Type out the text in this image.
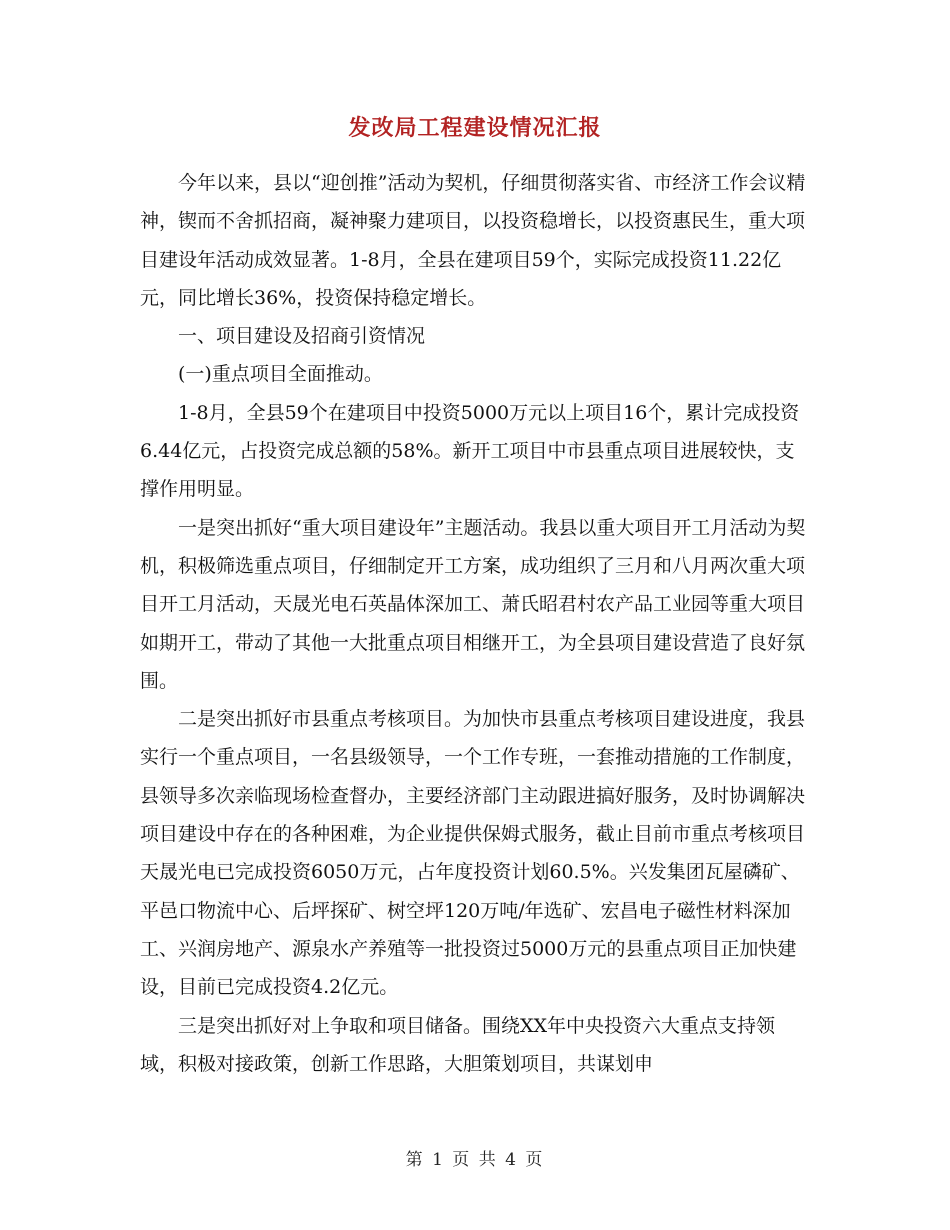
发改局工程建设情况汇报

今年以来，县以“迎创推”活动为契机，仔细贯彻落实省、市经济工作会议精神，锲而不舍抓招商，凝神聚力建项目，以投资稳增长，以投资惠民生，重大项目建设年活动成效显著。1-8月，全县在建项目59个，实际完成投资11.22亿元，同比增长36%，投资保持稳定增长。

一、项目建设及招商引资情况

(一)重点项目全面推动。

1-8月，全县59个在建项目中投资5000万元以上项目16个，累计完成投资6.44亿元，占投资完成总额的58%。新开工项目中市县重点项目进展较快，支撑作用明显。

一是突出抓好“重大项目建设年”主题活动。我县以重大项目开工月活动为契机，积极筛选重点项目，仔细制定开工方案，成功组织了三月和八月两次重大项目开工月活动，天晟光电石英晶体深加工、萧氏昭君村农产品工业园等重大项目如期开工，带动了其他一大批重点项目相继开工，为全县项目建设营造了良好氛围。

二是突出抓好市县重点考核项目。为加快市县重点考核项目建设进度，我县实行一个重点项目，一名县级领导，一个工作专班，一套推动措施的工作制度，县领导多次亲临现场检查督办，主要经济部门主动跟进搞好服务，及时协调解决项目建设中存在的各种困难，为企业提供保姆式服务，截止目前市重点考核项目天晟光电已完成投资6050万元，占年度投资计划60.5%。兴发集团瓦屋磷矿、平邑口物流中心、后坪探矿、树空坪120万吨/年选矿、宏昌电子磁性材料深加工、兴润房地产、源泉水产养殖等一批投资过5000万元的县重点项目正加快建设，目前已完成投资4.2亿元。

三是突出抓好对上争取和项目储备。围绕XX年中央投资六大重点支持领域，积极对接政策，创新工作思路，大胆策划项目，共谋划申

第 1 页 共 4 页
